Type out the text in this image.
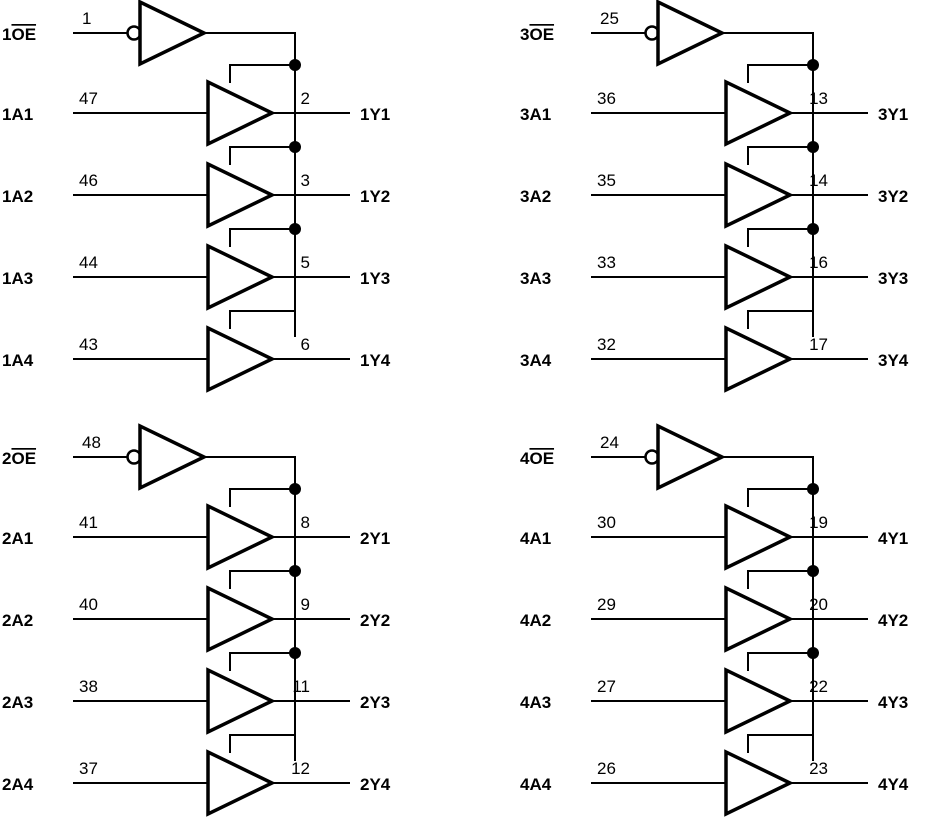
1OE
1
1A1
47	2
1Y1
1A2
46	3
1Y2
1A3
44	5
1Y3
1A4
43	6
1Y4
3OE
25
3A1
36	13
3Y1
3A2
35	14
3Y2
3A3
33	16
3Y3
3A4
32	17
3Y4
2OE
48
2A1
41	8
2Y1
2A2
40	9
2Y2
2A3
38	11
2Y3
2A4
37	12
2Y4
4OE
24
4A1
30	19
4Y1
4A2
29	20
4Y2
4A3
27	22
4Y3
4A4
26	23
4Y4
